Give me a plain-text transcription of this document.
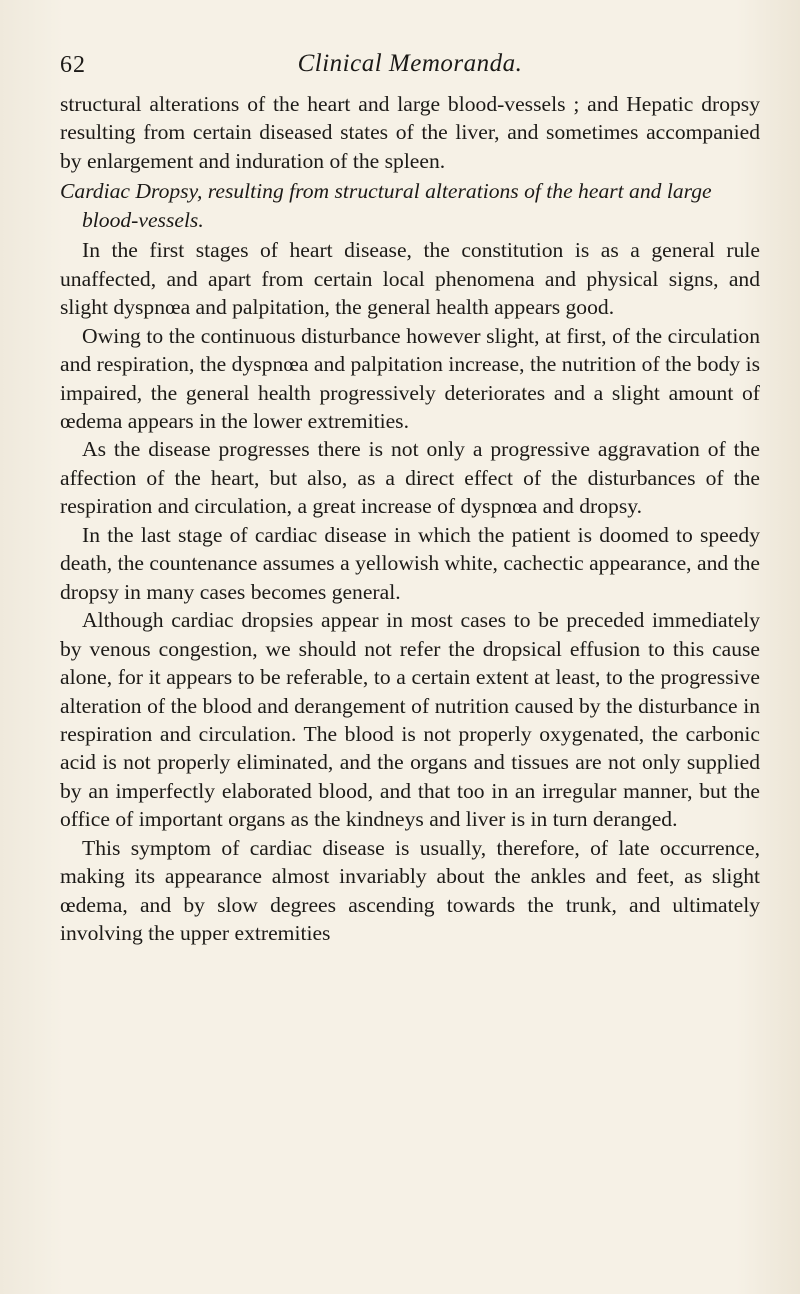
62	Clinical Memoranda.

structural alterations of the heart and large blood-vessels ; and Hepatic dropsy resulting from certain diseased states of the liver, and sometimes accompanied by enlargement and induration of the spleen.

Cardiac Dropsy, resulting from structural alterations of the heart and large blood-vessels.

In the first stages of heart disease, the constitution is as a general rule unaffected, and apart from certain local phenomena and physical signs, and slight dyspnœa and palpitation, the general health appears good.

Owing to the continuous disturbance however slight, at first, of the circulation and respiration, the dyspnœa and palpitation increase, the nutrition of the body is impaired, the general health progressively deteriorates and a slight amount of œdema appears in the lower extremities.

As the disease progresses there is not only a progressive aggravation of the affection of the heart, but also, as a direct effect of the disturbances of the respiration and circulation, a great increase of dyspnœa and dropsy.

In the last stage of cardiac disease in which the patient is doomed to speedy death, the countenance assumes a yellowish white, cachectic appearance, and the dropsy in many cases becomes general.

Although cardiac dropsies appear in most cases to be preceded immediately by venous congestion, we should not refer the dropsical effusion to this cause alone, for it appears to be referable, to a certain extent at least, to the progressive alteration of the blood and derangement of nutrition caused by the disturbance in respiration and circulation. The blood is not properly oxygenated, the carbonic acid is not properly eliminated, and the organs and tissues are not only supplied by an imperfectly elaborated blood, and that too in an irregular manner, but the office of important organs as the kindneys and liver is in turn deranged.

This symptom of cardiac disease is usually, therefore, of late occurrence, making its appearance almost invariably about the ankles and feet, as slight œdema, and by slow degrees ascending towards the trunk, and ultimately involving the upper extremities
